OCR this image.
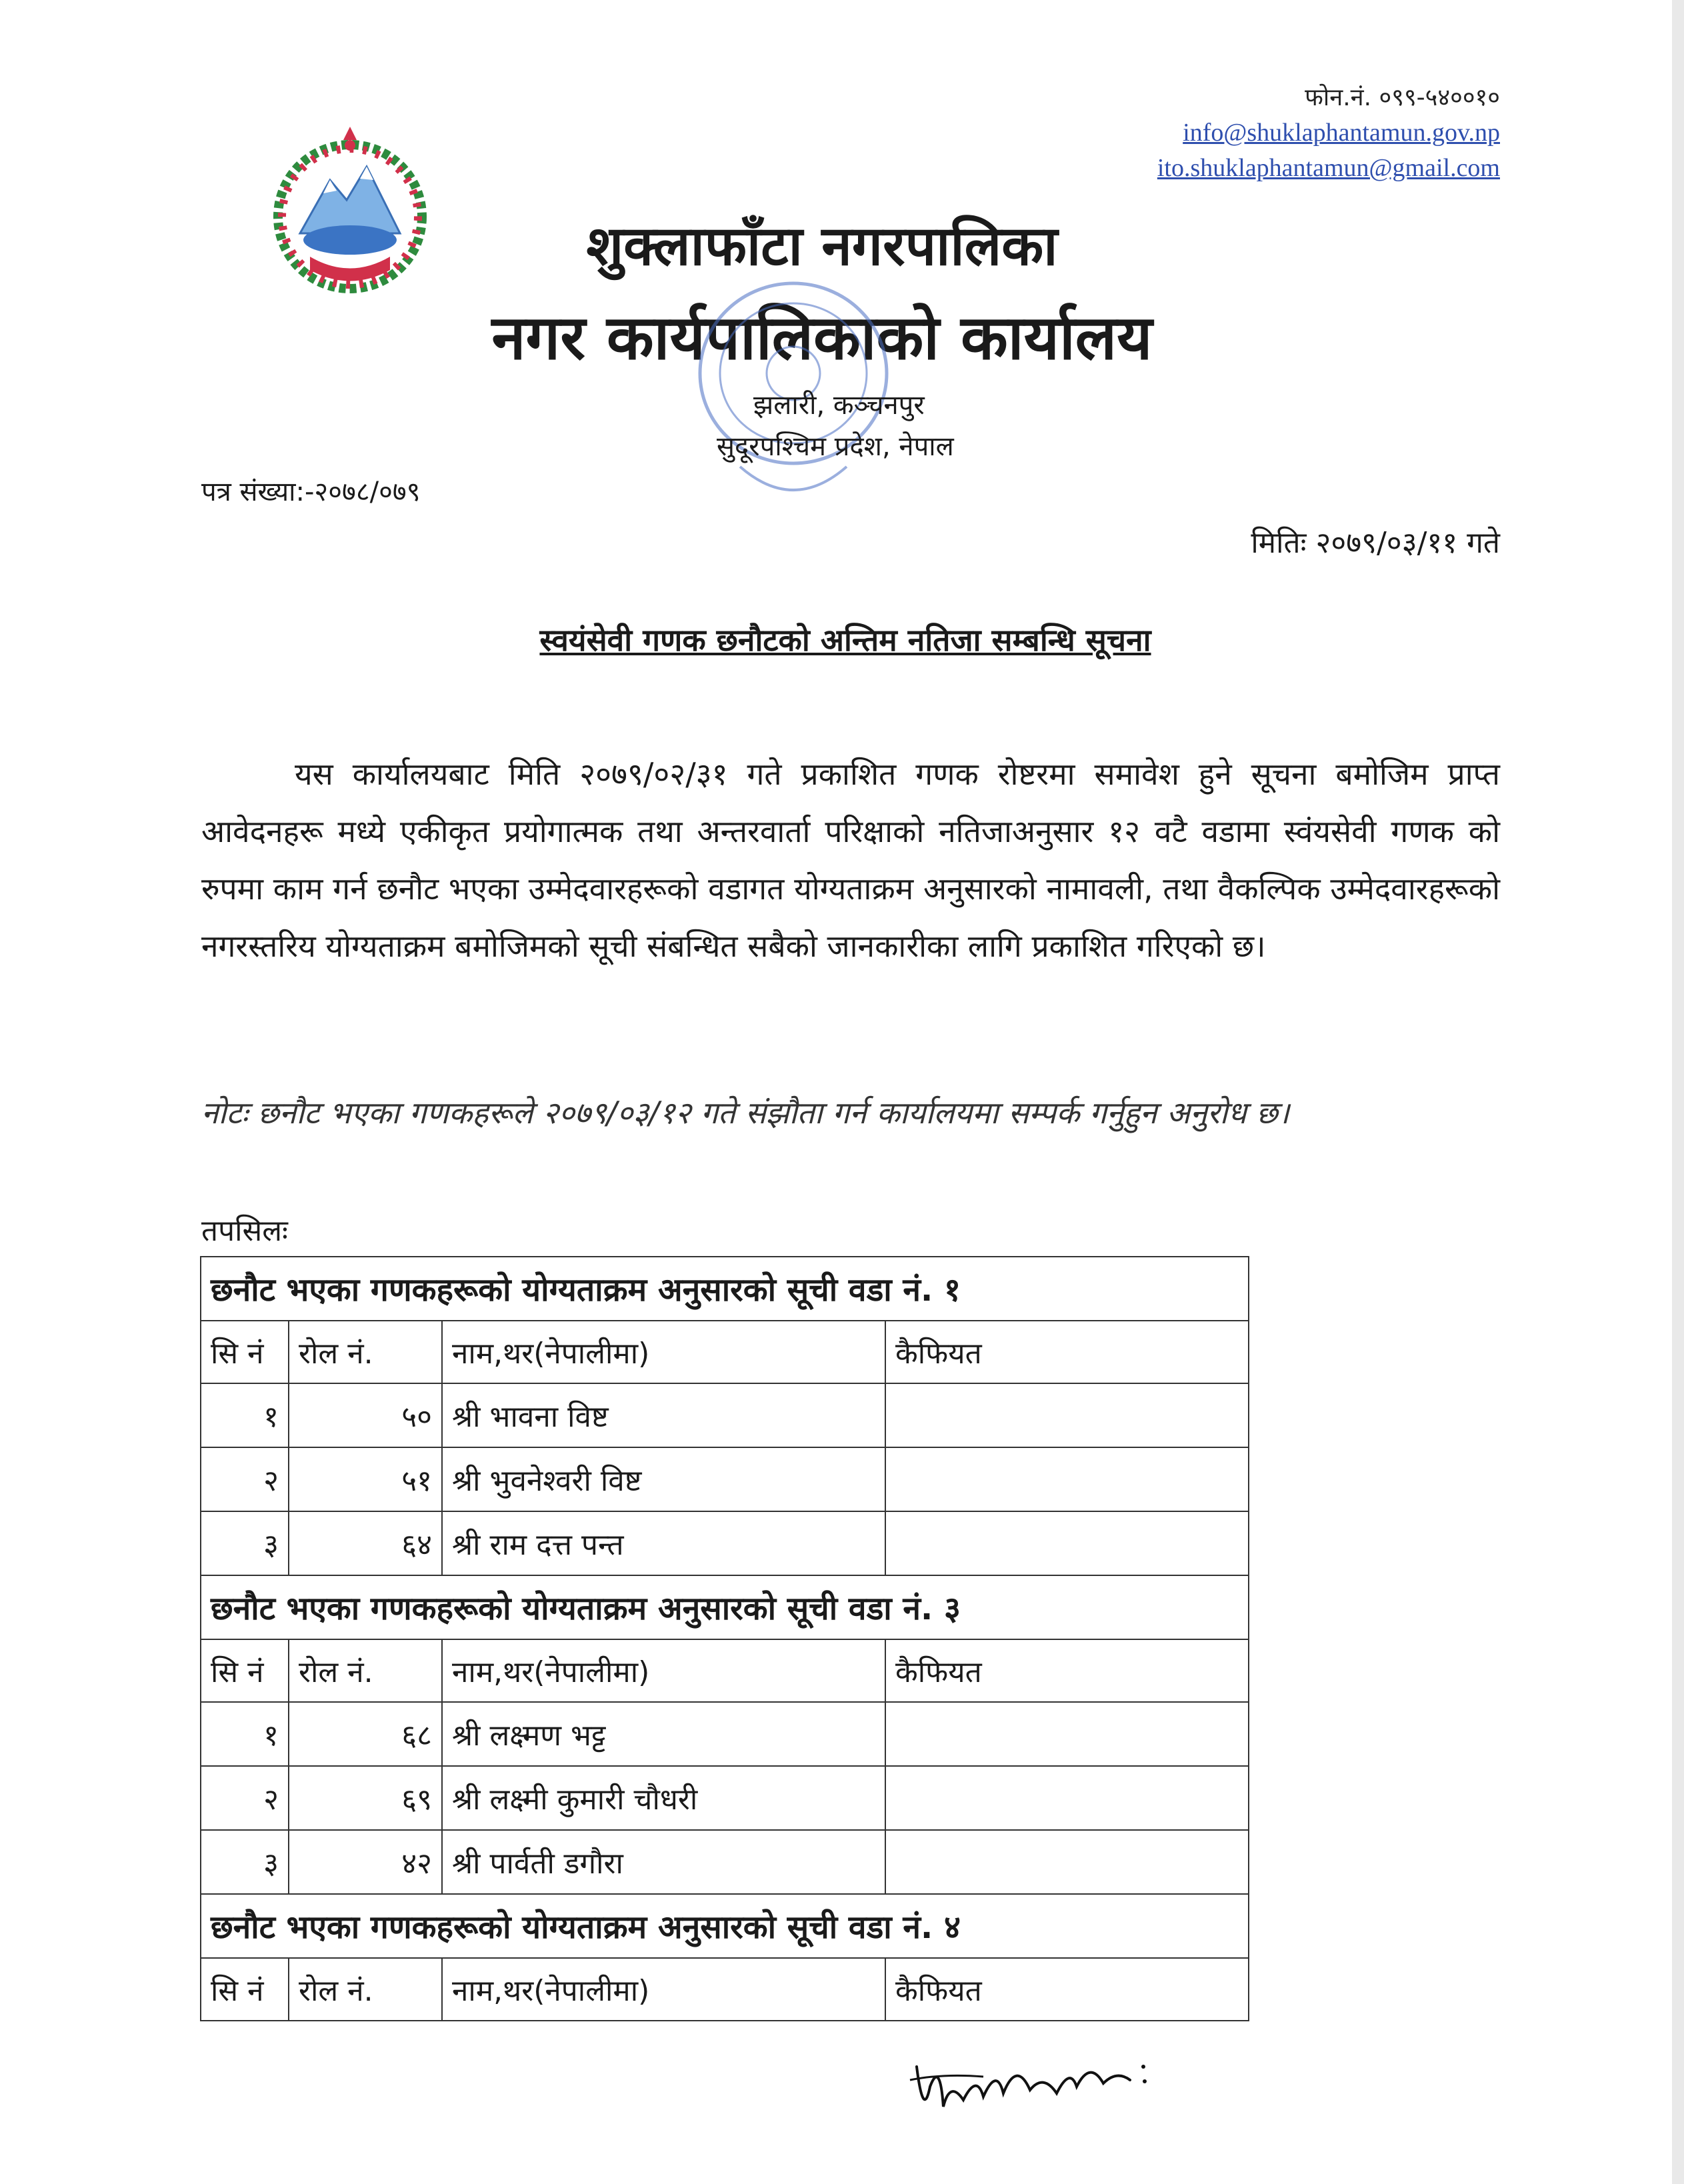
फोन.नं. ०९९-५४००१०
info@shuklaphantamun.gov.np
ito.shuklaphantamun@gmail.com
शुक्लाफाँटा नगरपालिका
नगर कार्यपालिकाको कार्यालय
झलारी, कञ्चनपुर
सुदूरपश्चिम प्रदेश, नेपाल
पत्र संख्या:-२०७८/०७९
मितिः २०७९/०३/११ गते
स्वयंसेवी गणक छनौटको अन्तिम नतिजा सम्बन्धि सूचना
यस कार्यालयबाट मिति २०७९/०२/३१ गते प्रकाशित गणक रोष्टरमा समावेश हुने सूचना बमोजिम प्राप्त आवेदनहरू मध्ये एकीकृत प्रयोगात्मक तथा अन्तरवार्ता परिक्षाको नतिजाअनुसार १२ वटै वडामा स्वंयसेवी गणक को रुपमा काम गर्न छनौट भएका उम्मेदवारहरूको वडागत योग्यताक्रम अनुसारको नामावली, तथा वैकल्पिक उम्मेदवारहरूको नगरस्तरिय योग्यताक्रम बमोजिमको सूची संबन्धित सबैको जानकारीका लागि प्रकाशित गरिएको छ।
नोटः छनौट भएका गणकहरूले २०७९/०३/१२ गते संझौता गर्न कार्यालयमा सम्पर्क गर्नुहुन अनुरोध छ।
तपसिलः
छनौट भएका गणकहरूको योग्यताक्रम अनुसारको सूची वडा नं. १			
सि नं	रोल नं.	नाम,थर(नेपालीमा)	कैफियत
१	५०	श्री भावना विष्ट	
२	५१	श्री भुवनेश्वरी विष्ट	
३	६४	श्री राम दत्त पन्त	
छनौट भएका गणकहरूको योग्यताक्रम अनुसारको सूची वडा नं. ३			
सि नं	रोल नं.	नाम,थर(नेपालीमा)	कैफियत
१	६८	श्री लक्ष्मण भट्ट	
२	६९	श्री लक्ष्मी कुमारी चौधरी	
३	४२	श्री पार्वती डगौरा	
छनौट भएका गणकहरूको योग्यताक्रम अनुसारको सूची वडा नं. ४			
सि नं	रोल नं.	नाम,थर(नेपालीमा)	कैफियत
